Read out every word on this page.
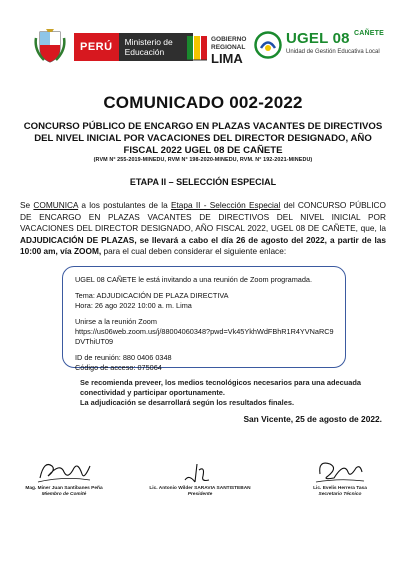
PERÚ	Ministerio de Educación
GOBIERNO REGIONAL
LIMA
UGEL 08 $^{CAÑETE}$
Unidad de Gestión Educativa Local
COMUNICADO 002-2022
CONCURSO PÚBLICO DE ENCARGO EN PLAZAS VACANTES DE DIRECTIVOS DEL NIVEL INICIAL POR VACACIONES DEL DIRECTOR DESIGNADO, AÑO FISCAL 2022 UGEL 08 DE CAÑETE
(RVM N° 255-2019-MINEDU, RVM N° 198-2020-MINEDU, RVM. N° 192-2021-MINEDU)
ETAPA II – SELECCIÓN ESPECIAL
Se COMUNICA a los postulantes de la Etapa II - Selección Especial del CONCURSO PÚBLICO DE ENCARGO EN PLAZAS VACANTES DE DIRECTIVOS DEL NIVEL INICIAL POR VACACIONES DEL DIRECTOR DESIGNADO, AÑO FISCAL 2022, UGEL 08 DE CAÑETE, que, la ADJUDICACIÓN DE PLAZAS, se llevará a cabo el día 26 de agosto del 2022, a partir de las 10:00 am, vía ZOOM, para el cual deben considerar el siguiente enlace:
UGEL 08 CAÑETE le está invitando a una reunión de Zoom programada.
Tema: ADJUDICACIÓN DE PLAZA DIRECTIVA
Hora: 26 ago 2022 10:00 a. m. Lima
Unirse a la reunión Zoom
https://us06web.zoom.us/j/88004060348?pwd=Vk45YkhWdFBhR1R4YVNaRC9DVThiUT09
ID de reunión: 880 0406 0348
Código de acceso: 075064
Se recomienda preveer, los medios tecnológicos necesarios para una adecuada conectividad y participar oportunamente.
La adjudicación se desarrollará según los resultados finales.
San Vicente, 25 de agosto de 2022.
Mag. Miner Juan Santibanes Peña
Miembro de Comité
Lic. Antonio Wilder SARAVIA SANTISTEBAN
Presidente
Lic. Evelis Herrera Tasa
Secretario Técnico
